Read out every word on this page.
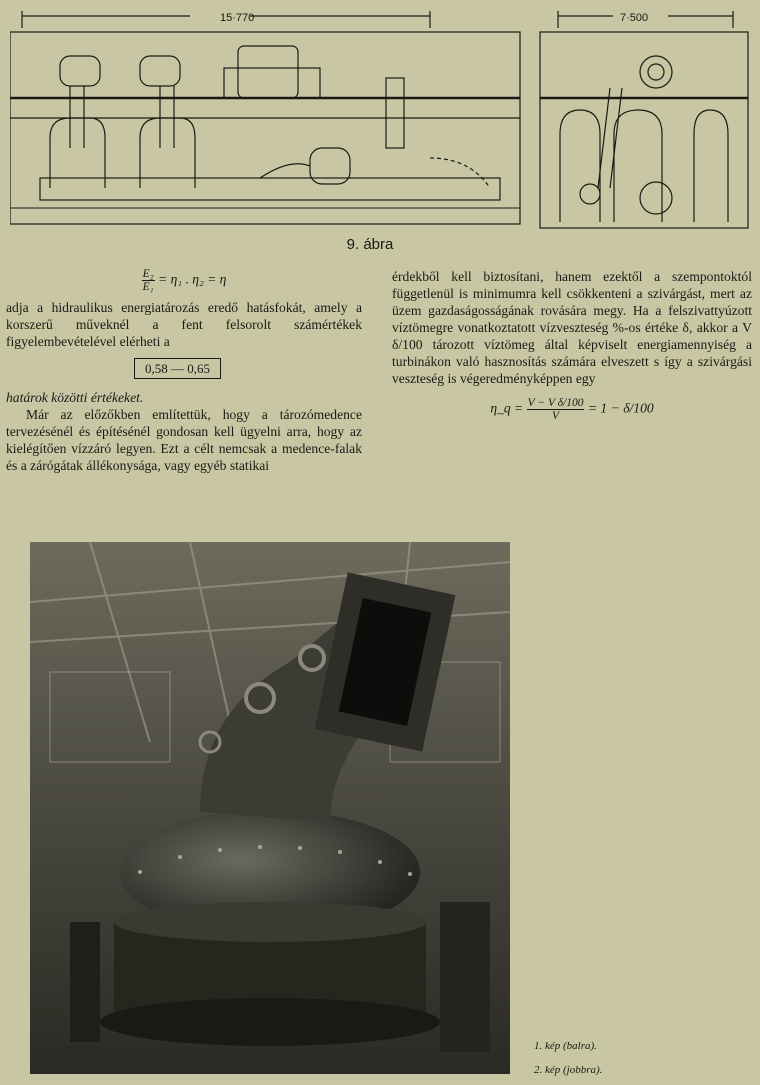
15·770	7·500
9. ábra
$\frac{\text{E₂}}{\text{E₁}} = \eta_1$ . η₂ = η

adja a hidraulikus energiatározás eredő hatásfokát, amely a korszerű műveknél a fent felsorolt számértékek figyelembevételével elérheti a

0,58 — 0,65

határok közötti értékeket.

Már az előzőkben említettük, hogy a tározómedence tervezésénél és építésénél gondosan kell ügyelni arra, hogy az kielégítően vízzáró legyen. Ezt a célt nemcsak a medence-falak és a zárógátak állékonysága, vagy egyéb statikai

érdekből kell biztosítani, hanem ezektől a szempontoktól függetlenül is minimumra kell csökkenteni a szivárgást, mert az üzem gazdaságosságának rovására megy. Ha a felszivattyúzott víztömegre vonatkoztatott vízveszteség %-os értéke δ, akkor a V δ/100 tározott víztömeg által képviselt energiamennyiség a turbinákon való hasznosítás számára elveszett s így a szivárgási veszteség is végeredményképpen egy

η_q = $\frac{\text{V − V δ/100}}{V} = 1 - \delta/100$
1. kép (balra).
2. kép (jobbra).
